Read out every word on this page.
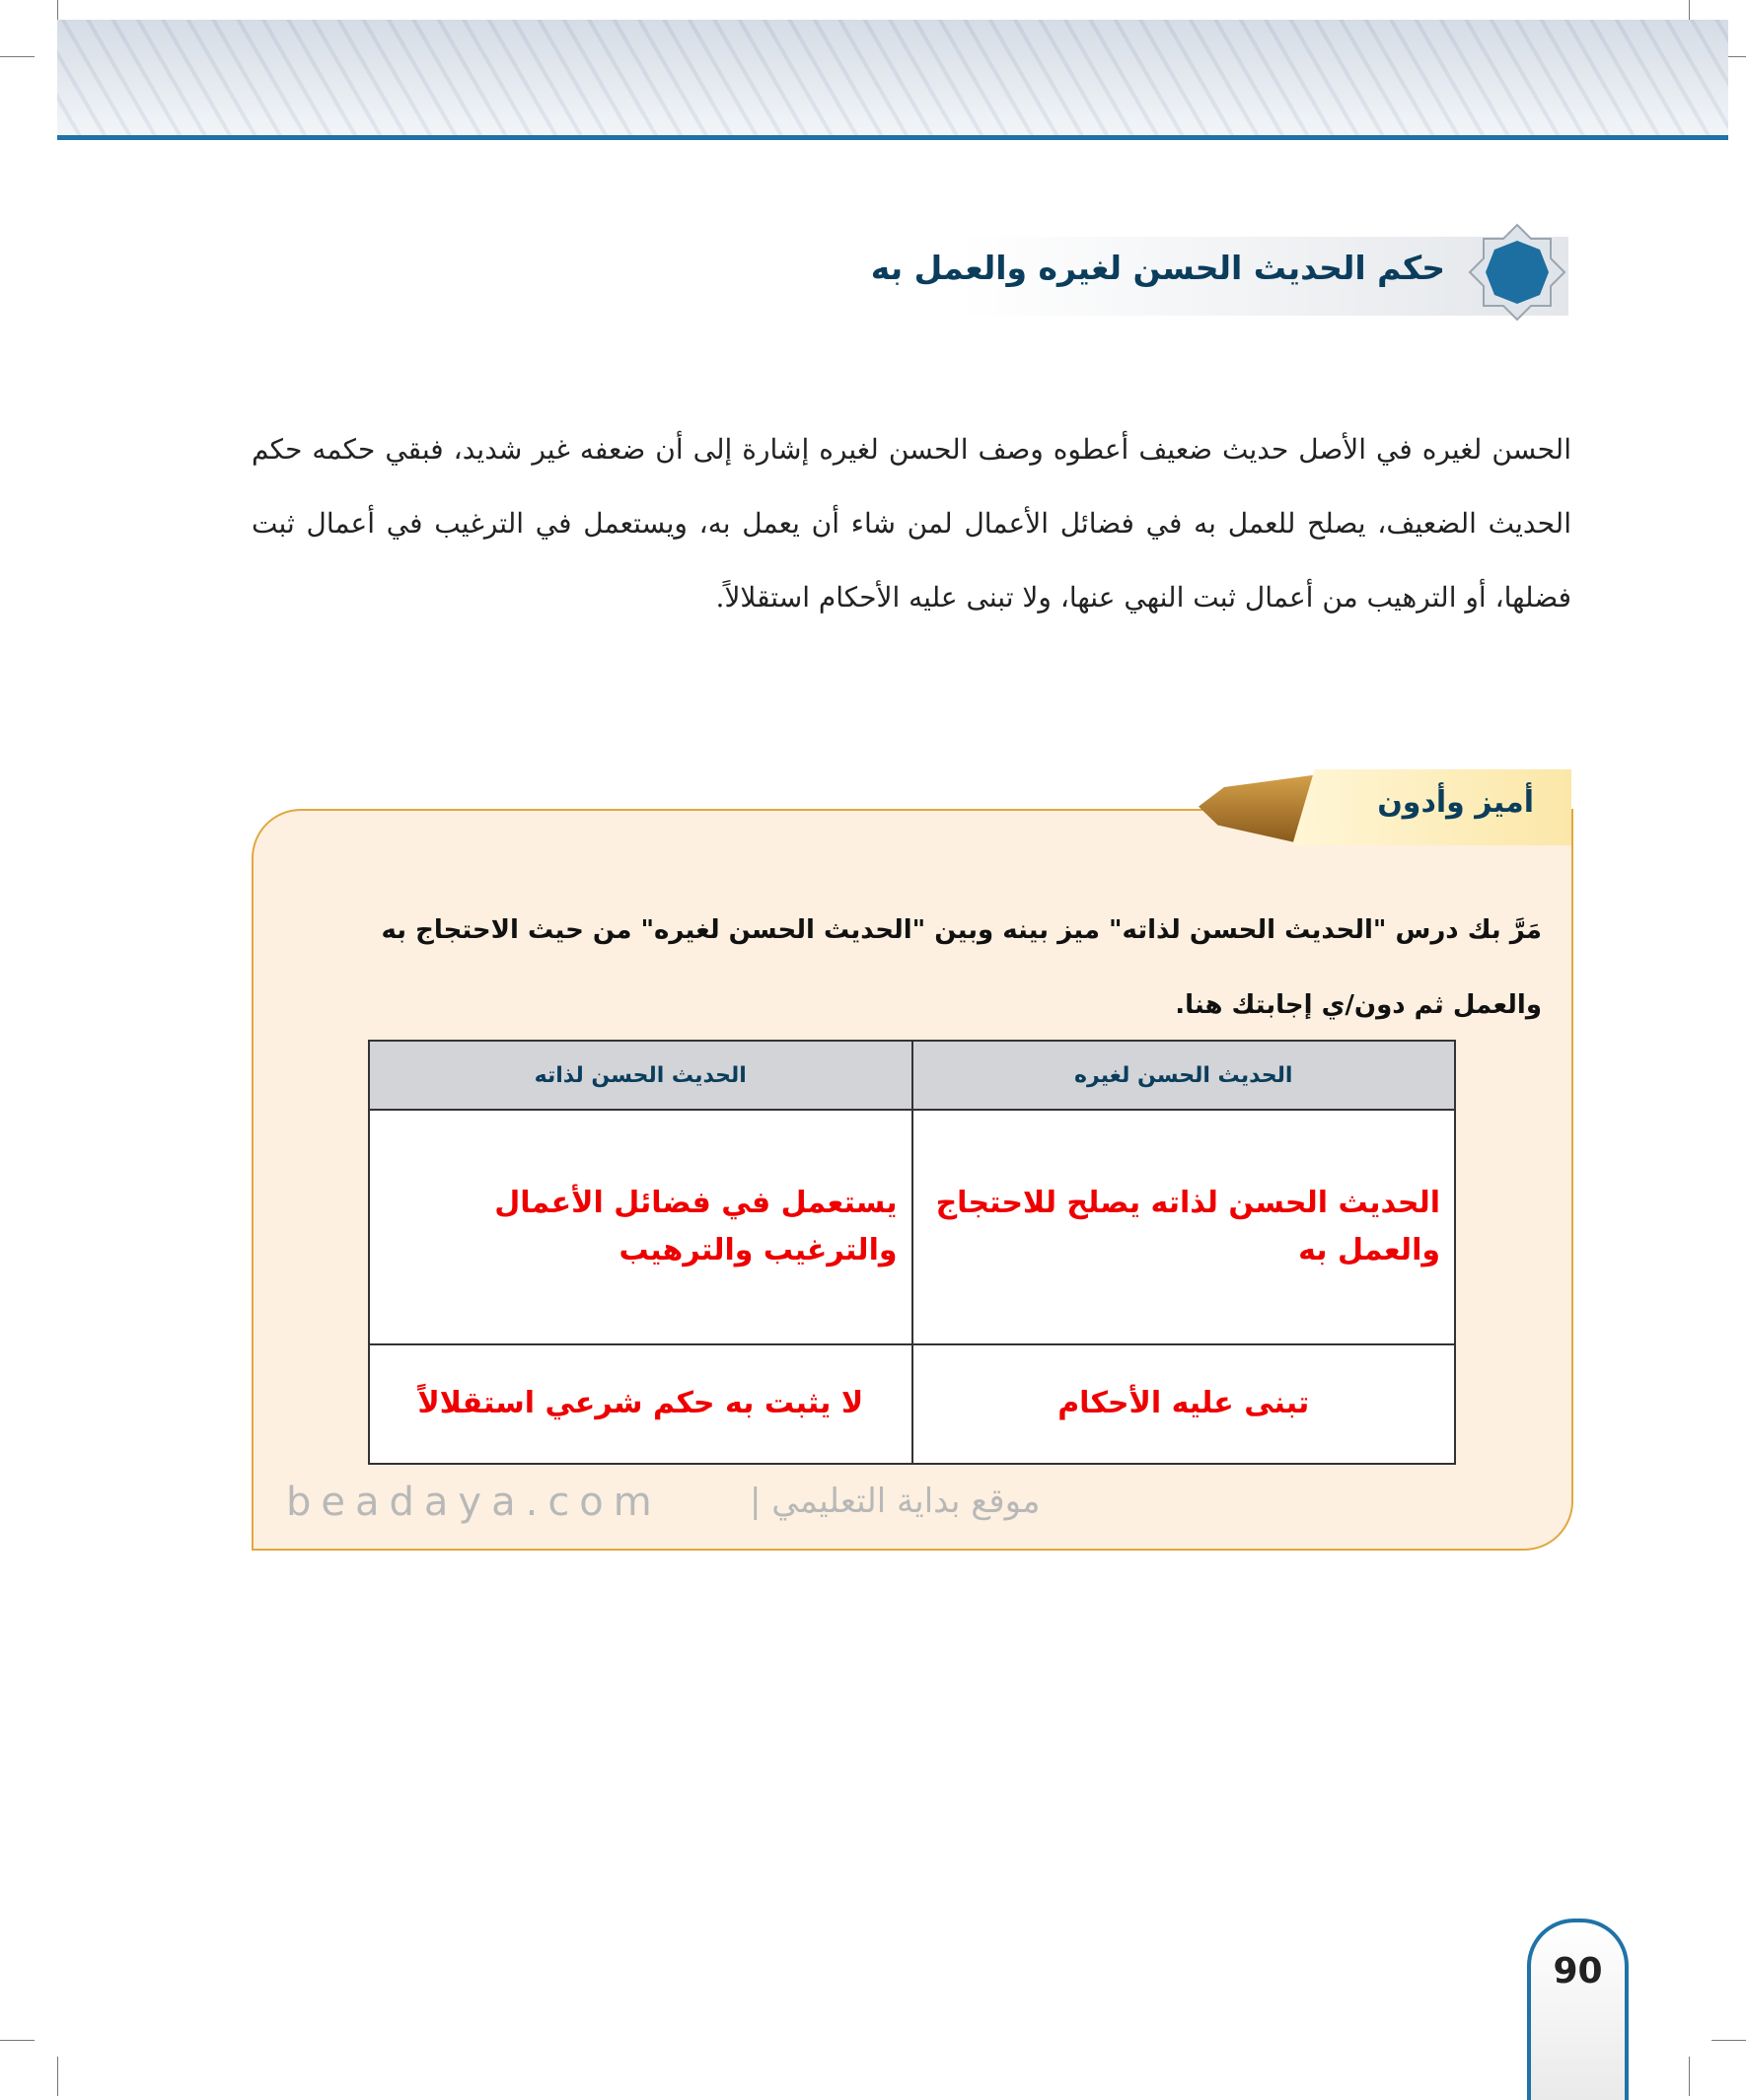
حكم الحديث الحسن لغيره والعمل به
الحسن لغيره في الأصل حديث ضعيف أعطوه وصف الحسن لغيره إشارة إلى أن ضعفه غير شديد، فبقي حكمه حكم الحديث الضعيف، يصلح للعمل به في فضائل الأعمال لمن شاء أن يعمل به، ويستعمل في الترغيب في أعمال ثبت فضلها، أو الترهيب من أعمال ثبت النهي عنها، ولا تبنى عليه الأحكام استقلالاً.
أميز وأدون
مَرَّ بك درس "الحديث الحسن لذاته" ميز بينه وبين "الحديث الحسن لغيره" من حيث الاحتجاج به
والعمل ثم دون/ي إجابتك هنا.
الحديث الحسن لغيره	الحديث الحسن لذاته
الحديث الحسن لذاته يصلح للاحتجاج والعمل به	يستعمل في فضائل الأعمال والترغيب والترهيب
تبنى عليه الأحكام	لا يثبت به حكم شرعي استقلالاً
beadaya.com	موقع بداية التعليمي |
90
